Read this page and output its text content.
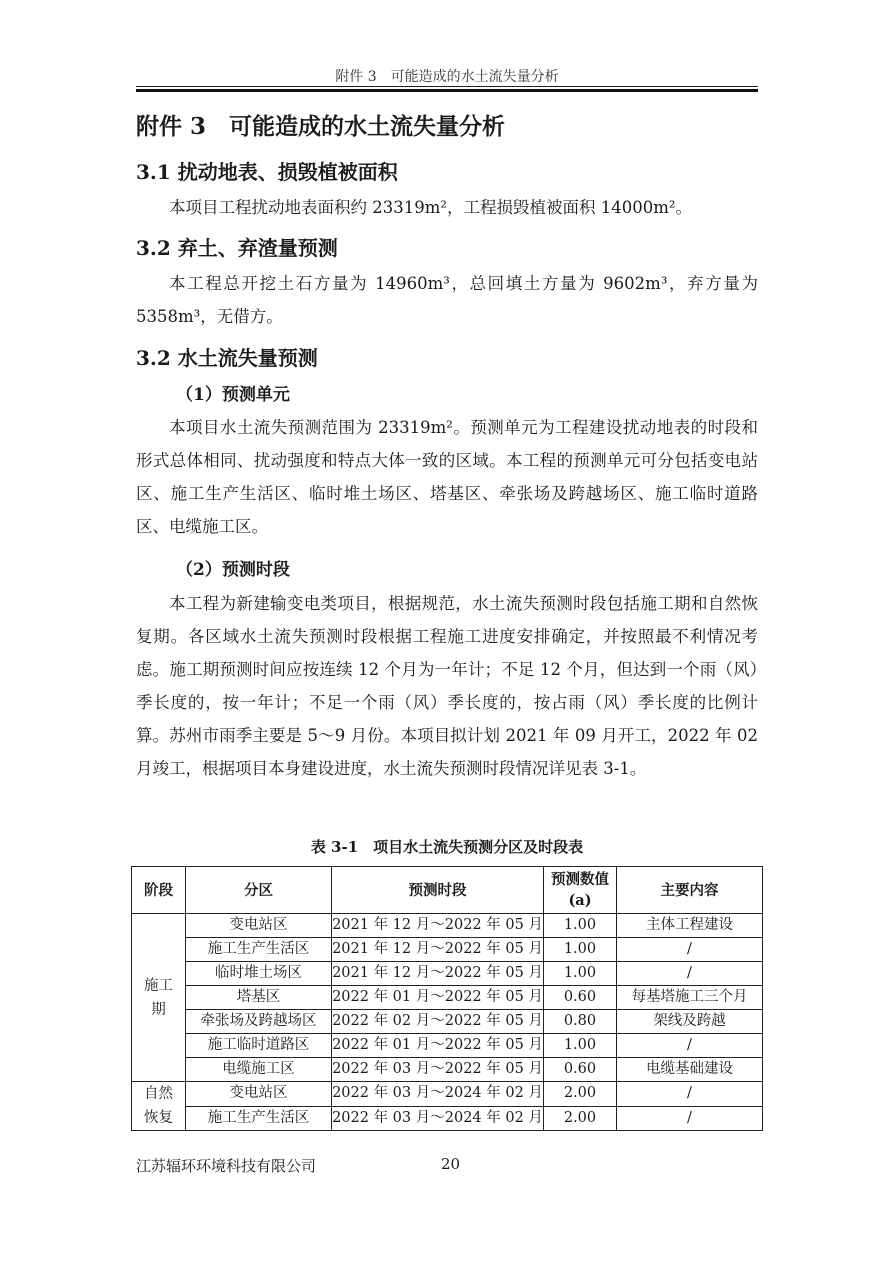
附件 3　可能造成的水土流失量分析
附件 3　可能造成的水土流失量分析
3.1 扰动地表、损毁植被面积

本项目工程扰动地表面积约 23319m²，工程损毁植被面积 14000m²。

3.2 弃土、弃渣量预测

本工程总开挖土石方量为 14960m³，总回填土方量为 9602m³，弃方量为 5358m³，无借方。

3.2 水土流失量预测
（1）预测单元

本项目水土流失预测范围为 23319m²。预测单元为工程建设扰动地表的时段和形式总体相同、扰动强度和特点大体一致的区域。本工程的预测单元可分包括变电站区、施工生产生活区、临时堆土场区、塔基区、牵张场及跨越场区、施工临时道路区、电缆施工区。

（2）预测时段

本工程为新建输变电类项目，根据规范，水土流失预测时段包括施工期和自然恢复期。各区域水土流失预测时段根据工程施工进度安排确定，并按照最不利情况考虑。施工期预测时间应按连续 12 个月为一年计；不足 12 个月，但达到一个雨（风）季长度的，按一年计；不足一个雨（风）季长度的，按占雨（风）季长度的比例计算。苏州市雨季主要是 5～9 月份。本项目拟计划 2021 年 09 月开工，2022 年 02 月竣工，根据项目本身建设进度，水土流失预测时段情况详见表 3-1。

表 3-1　项目水土流失预测分区及时段表
阶段	分区	预测时段	预测数值(a)	主要内容

施工期	变电站区	2021 年 12 月～2022 年 05 月	1.00	主体工程建设
	施工生产生活区	2021 年 12 月～2022 年 05 月	1.00	/
	临时堆土场区	2021 年 12 月～2022 年 05 月	1.00	/
	塔基区	2022 年 01 月～2022 年 05 月	0.60	每基塔施工三个月
	牵张场及跨越场区	2022 年 02 月～2022 年 05 月	0.80	架线及跨越
	施工临时道路区	2022 年 01 月～2022 年 05 月	1.00	/
	电缆施工区	2022 年 03 月～2022 年 05 月	0.60	电缆基础建设

自然恢复	变电站区	2022 年 03 月～2024 年 02 月	2.00	/
	施工生产生活区	2022 年 03 月～2024 年 02 月	2.00	/
江苏辐环环境科技有限公司	20
